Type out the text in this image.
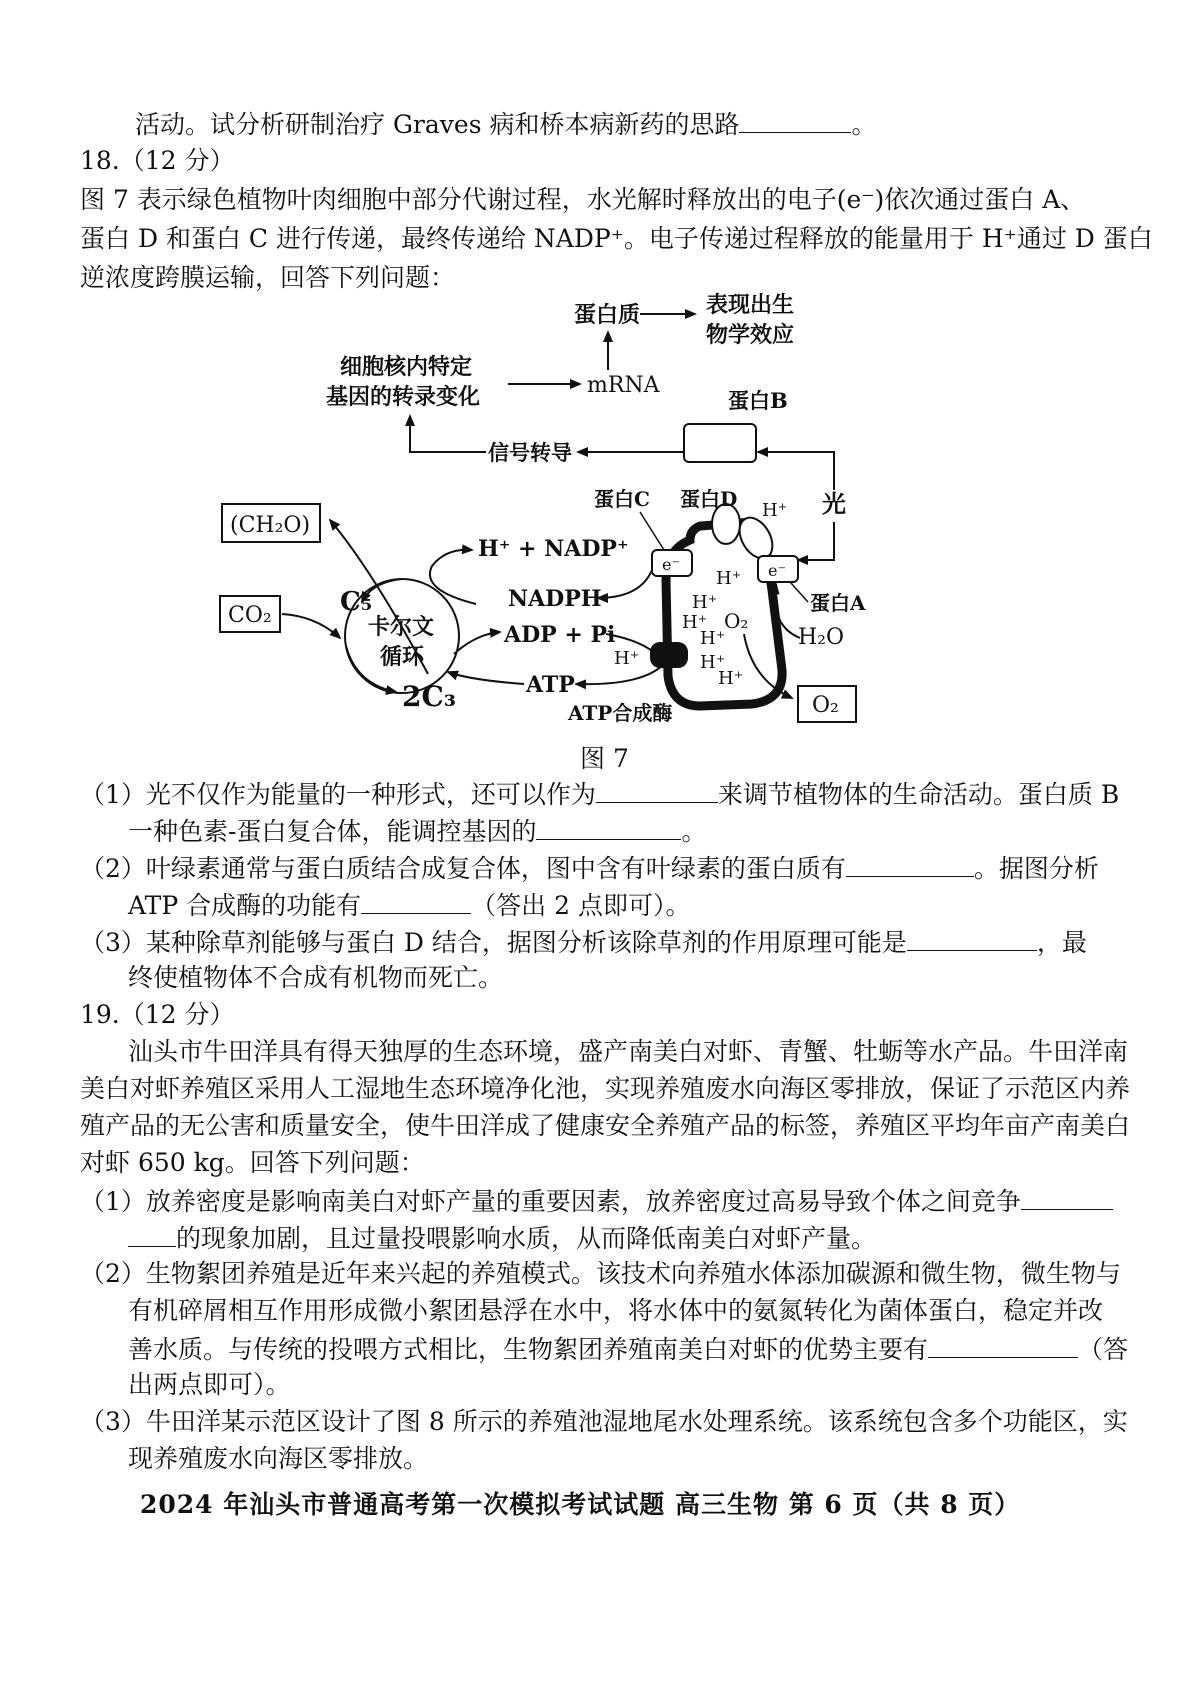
活动。试分析研制治疗 Graves 病和桥本病新药的思路	。
18.（12 分）
图 7 表示绿色植物叶肉细胞中部分代谢过程，水光解时释放出的电子(e⁻)依次通过蛋白 A、
蛋白 D 和蛋白 C 进行传递，最终传递给 NADP⁺。电子传递过程释放的能量用于 H⁺通过 D 蛋白
逆浓度跨膜运输，回答下列问题：
蛋白质	表现出生
物学效应
细胞核内特定
基因的转录变化	mRNA
蛋白B
信号转导
光
(CH₂O)
CO₂	卡尔文
循环
C₅
2C₃
H⁺ + NADP⁺
NADPH
ADP + Pi
ATP
e⁻	e⁻
蛋白C 蛋白D H⁺
蛋白A
H⁺
H⁺
H⁺
H⁺
H⁺
H⁺
H⁺
O₂
H₂O
O₂
ATP合成酶
图 7
（1）光不仅作为能量的一种形式，还可以作为	来调节植物体的生命活动。蛋白质 B
一种色素-蛋白复合体，能调控基因的	。
（2）叶绿素通常与蛋白质结合成复合体，图中含有叶绿素的蛋白质有	。据图分析
ATP 合成酶的功能有	（答出 2 点即可）。
（3）某种除草剂能够与蛋白 D 结合，据图分析该除草剂的作用原理可能是	，最
终使植物体不合成有机物而死亡。
19.（12 分）
汕头市牛田洋具有得天独厚的生态环境，盛产南美白对虾、青蟹、牡蛎等水产品。牛田洋南
美白对虾养殖区采用人工湿地生态环境净化池，实现养殖废水向海区零排放，保证了示范区内养
殖产品的无公害和质量安全，使牛田洋成了健康安全养殖产品的标签，养殖区平均年亩产南美白
对虾 650 kg。回答下列问题：
（1）放养密度是影响南美白对虾产量的重要因素，放养密度过高易导致个体之间竞争
的现象加剧，且过量投喂影响水质，从而降低南美白对虾产量。
（2）生物絮团养殖是近年来兴起的养殖模式。该技术向养殖水体添加碳源和微生物，微生物与
有机碎屑相互作用形成微小絮团悬浮在水中，将水体中的氨氮转化为菌体蛋白，稳定并改
善水质。与传统的投喂方式相比，生物絮团养殖南美白对虾的优势主要有	（答
出两点即可）。
（3）牛田洋某示范区设计了图 8 所示的养殖池湿地尾水处理系统。该系统包含多个功能区，实
现养殖废水向海区零排放。
2024 年汕头市普通高考第一次模拟考试试题 高三生物 第 6 页（共 8 页）
